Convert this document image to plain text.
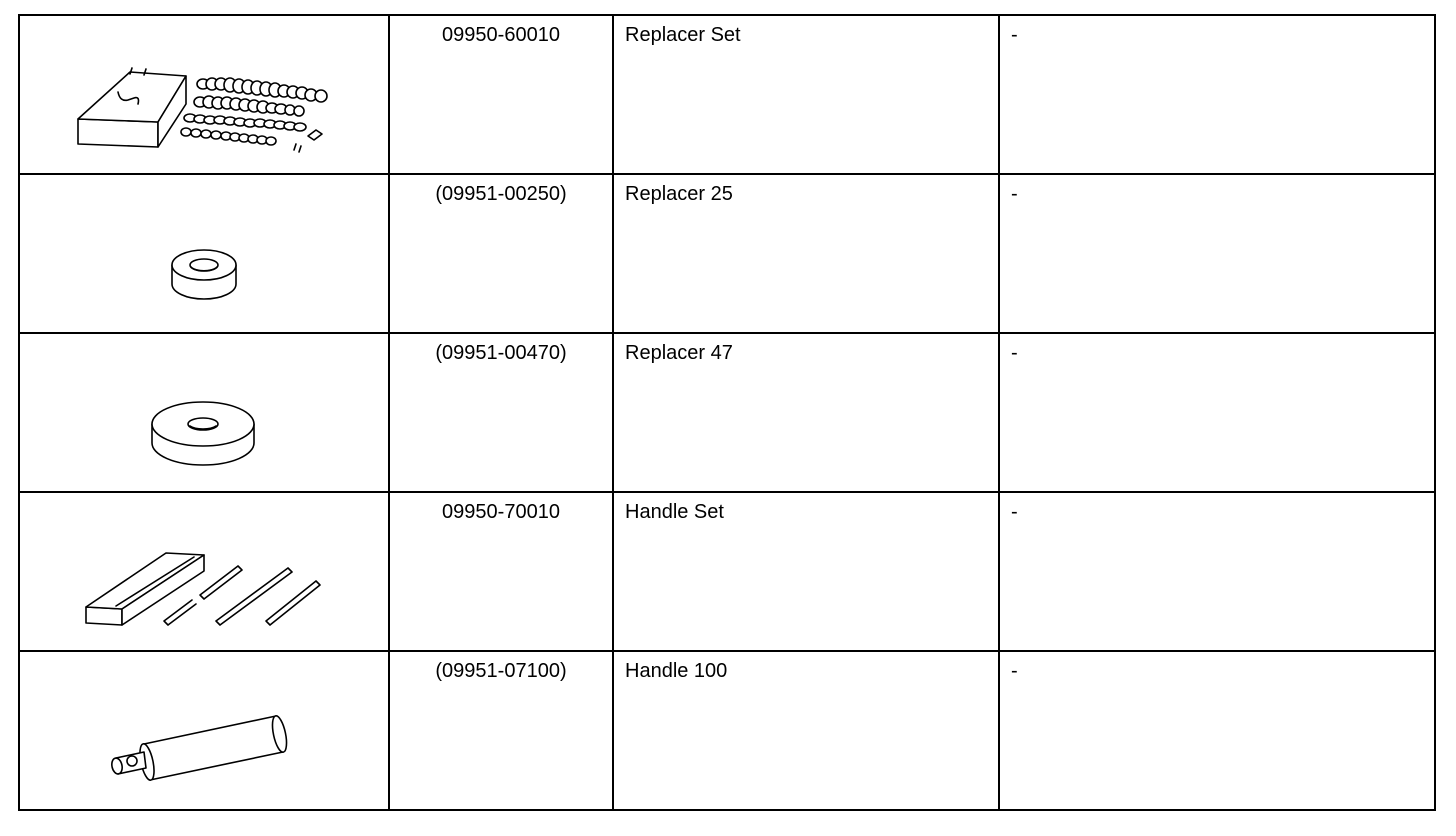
09950-60010	Replacer Set	-

(09951-00250)	Replacer 25	-

(09951-00470)	Replacer 47	-

09950-70010	Handle Set	-

(09951-07100)	Handle 100	-
